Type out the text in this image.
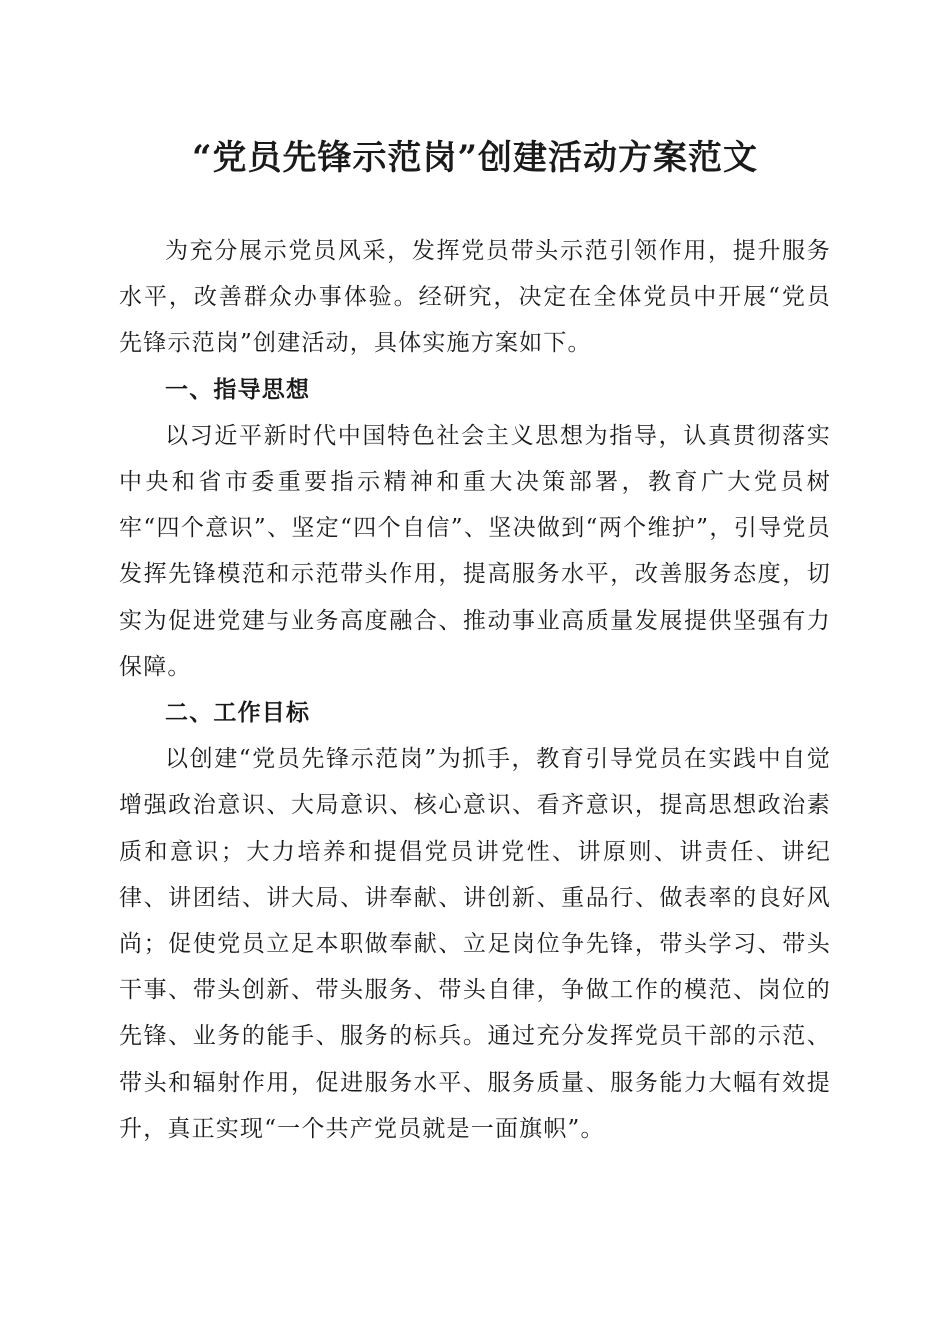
“党员先锋示范岗”创建活动方案范文

为充分展示党员风采，发挥党员带头示范引领作用，提升服务水平，改善群众办事体验。经研究，决定在全体党员中开展“党员先锋示范岗”创建活动，具体实施方案如下。

一、指导思想

以习近平新时代中国特色社会主义思想为指导，认真贯彻落实中央和省市委重要指示精神和重大决策部署，教育广大党员树牢“四个意识”、坚定“四个自信”、坚决做到“两个维护”，引导党员发挥先锋模范和示范带头作用，提高服务水平，改善服务态度，切实为促进党建与业务高度融合、推动事业高质量发展提供坚强有力保障。

二、工作目标

以创建“党员先锋示范岗”为抓手，教育引导党员在实践中自觉增强政治意识、大局意识、核心意识、看齐意识，提高思想政治素质和意识；大力培养和提倡党员讲党性、讲原则、讲责任、讲纪律、讲团结、讲大局、讲奉献、讲创新、重品行、做表率的良好风尚；促使党员立足本职做奉献、立足岗位争先锋，带头学习、带头干事、带头创新、带头服务、带头自律，争做工作的模范、岗位的先锋、业务的能手、服务的标兵。通过充分发挥党员干部的示范、带头和辐射作用，促进服务水平、服务质量、服务能力大幅有效提升，真正实现“一个共产党员就是一面旗帜”。
